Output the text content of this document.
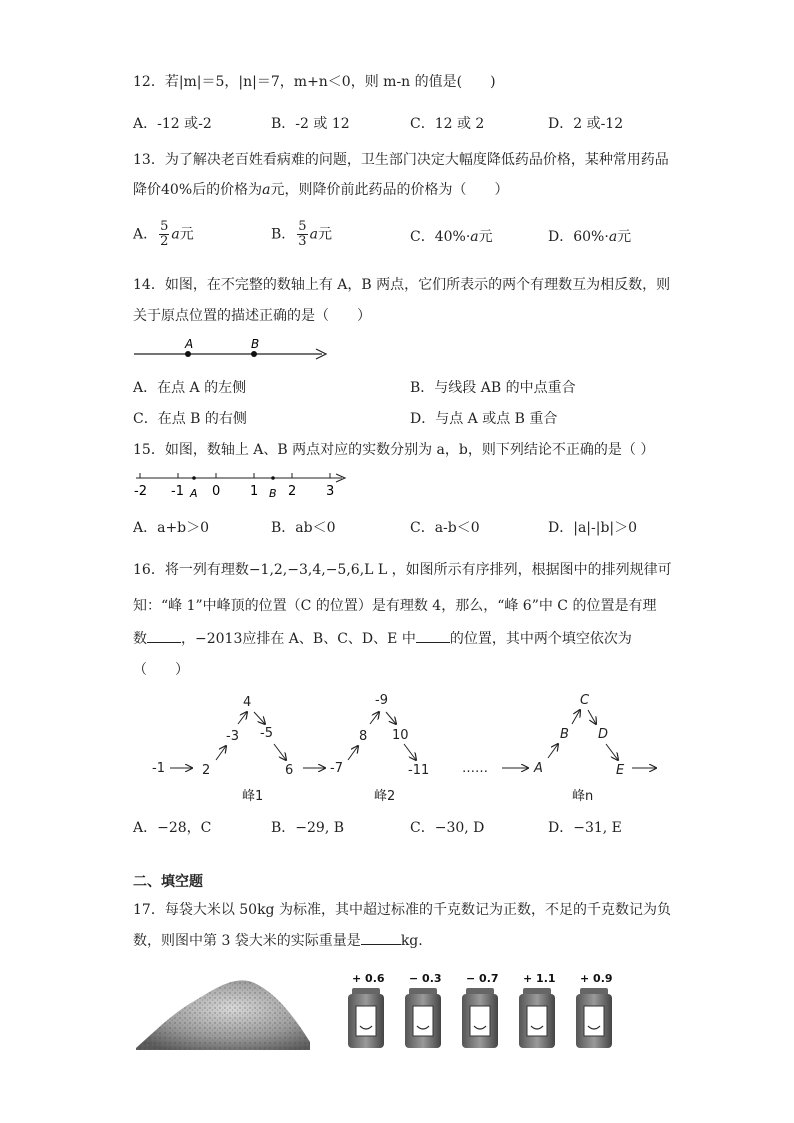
12．若|m|＝5，|n|＝7，m+n＜0，则 m-n 的值是(　　)
A．-12 或-2	B．-2 或 12	C．12 或 2	D．2 或-12
13．为了解决老百姓看病难的问题，卫生部门决定大幅度降低药品价格，某种常用药品
降价40%后的价格为a元，则降价前此药品的价格为（　　）
A． $\frac{5}{2}$ a元	B． $\frac{5}{3}$ a元	C．40%·a元	D．60%·a元
14．如图，在不完整的数轴上有 A，B 两点，它们所表示的两个有理数互为相反数，则
关于原点位置的描述正确的是（　　）
A	B
A．在点 A 的左侧	B．与线段 AB 的中点重合
C．在点 B 的右侧	D．与点 A 或点 B 重合
15．如图，数轴上 A、B 两点对应的实数分别为 a，b，则下列结论不正确的是（ ）
-2 -1 A 0 1 B 2 3
A．a+b＞0	B．ab＜0	C．a-b＜0	D．|a|-|b|＞0
16．将一列有理数−1,2,−3,4,−5,6,L L ，如图所示有序排列，根据图中的排列规律可
知：“峰 1”中峰顶的位置（C 的位置）是有理数 4，那么，“峰 6”中 C 的位置是有理
数 ，−2013应排在 A、B、C、D、E 中 的位置，其中两个填空依次为
（　　）
-1	2
-3
4
-5
6	-7
8
-9
10
-11	……	A
B
C
D
E
峰1	峰2	峰n
A．−28，C	B．−29, B	C．−30, D	D．−31, E
二、填空题
17．每袋大米以 50kg 为标准，其中超过标准的千克数记为正数，不足的千克数记为负
数，则图中第 3 袋大米的实际重量是	kg.
+ 0.6 − 0.3 − 0.7 + 1.1 + 0.9
